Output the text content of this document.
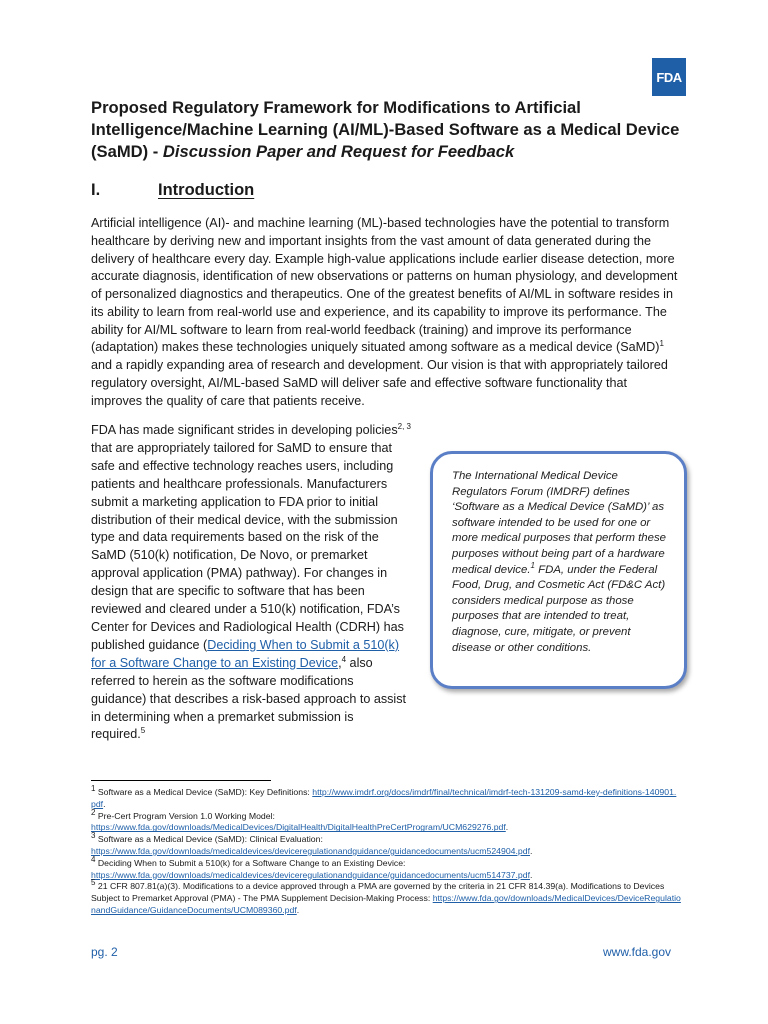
FDA
Proposed Regulatory Framework for Modifications to Artificial Intelligence/Machine Learning (AI/ML)-Based Software as a Medical Device (SaMD) - Discussion Paper and Request for Feedback
I.	Introduction

Artificial intelligence (AI)- and machine learning (ML)-based technologies have the potential to transform healthcare by deriving new and important insights from the vast amount of data generated during the delivery of healthcare every day. Example high-value applications include earlier disease detection, more accurate diagnosis, identification of new observations or patterns on human physiology, and development of personalized diagnostics and therapeutics. One of the greatest benefits of AI/ML in software resides in its ability to learn from real-world use and experience, and its capability to improve its performance. The ability for AI/ML software to learn from real-world feedback (training) and improve its performance (adaptation) makes these technologies uniquely situated among software as a medical device (SaMD)$^1$ and a rapidly expanding area of research and development. Our vision is that with appropriately tailored regulatory oversight, AI/ML-based SaMD will deliver safe and effective software functionality that improves the quality of care that patients receive.

FDA has made significant strides in developing policies$^{2, 3}$ that are appropriately tailored for SaMD to ensure that safe and effective technology reaches users, including patients and healthcare professionals. Manufacturers submit a marketing application to FDA prior to initial distribution of their medical device, with the submission type and data requirements based on the risk of the SaMD (510(k) notification, De Novo, or premarket approval application (PMA) pathway). For changes in design that are specific to software that has been reviewed and cleared under a 510(k) notification, FDA’s Center for Devices and Radiological Health (CDRH) has published guidance (Deciding When to Submit a 510(k) for a Software Change to an Existing Device,$^4$ also referred to herein as the software modifications guidance) that describes a risk-based approach to assist in determining when a premarket submission is required.$^5$

The International Medical Device Regulators Forum (IMDRF) defines ‘Software as a Medical Device (SaMD)’ as software intended to be used for one or more medical purposes that perform these purposes without being part of a hardware medical device.$^1$ FDA, under the Federal Food, Drug, and Cosmetic Act (FD&C Act) considers medical purpose as those purposes that are intended to treat, diagnose, cure, mitigate, or prevent disease or other conditions.

$^1$ Software as a Medical Device (SaMD): Key Definitions: http://www.imdrf.org/docs/imdrf/final/technical/imdrf-tech-131209-samd-key-definitions-140901.pdf.

$^2$ Pre-Cert Program Version 1.0 Working Model:
https://www.fda.gov/downloads/MedicalDevices/DigitalHealth/DigitalHealthPreCertProgram/UCM629276.pdf.

$^3$ Software as a Medical Device (SaMD): Clinical Evaluation:
https://www.fda.gov/downloads/medicaldevices/deviceregulationandguidance/guidancedocuments/ucm524904.pdf.

$^4$ Deciding When to Submit a 510(k) for a Software Change to an Existing Device:
https://www.fda.gov/downloads/medicaldevices/deviceregulationandguidance/guidancedocuments/ucm514737.pdf.

$^5$ 21 CFR 807.81(a)(3). Modifications to a device approved through a PMA are governed by the criteria in 21 CFR 814.39(a). Modifications to Devices Subject to Premarket Approval (PMA) - The PMA Supplement Decision-Making Process: https://www.fda.gov/downloads/MedicalDevices/DeviceRegulationandGuidance/GuidanceDocuments/UCM089360.pdf.

pg. 2	www.fda.gov
